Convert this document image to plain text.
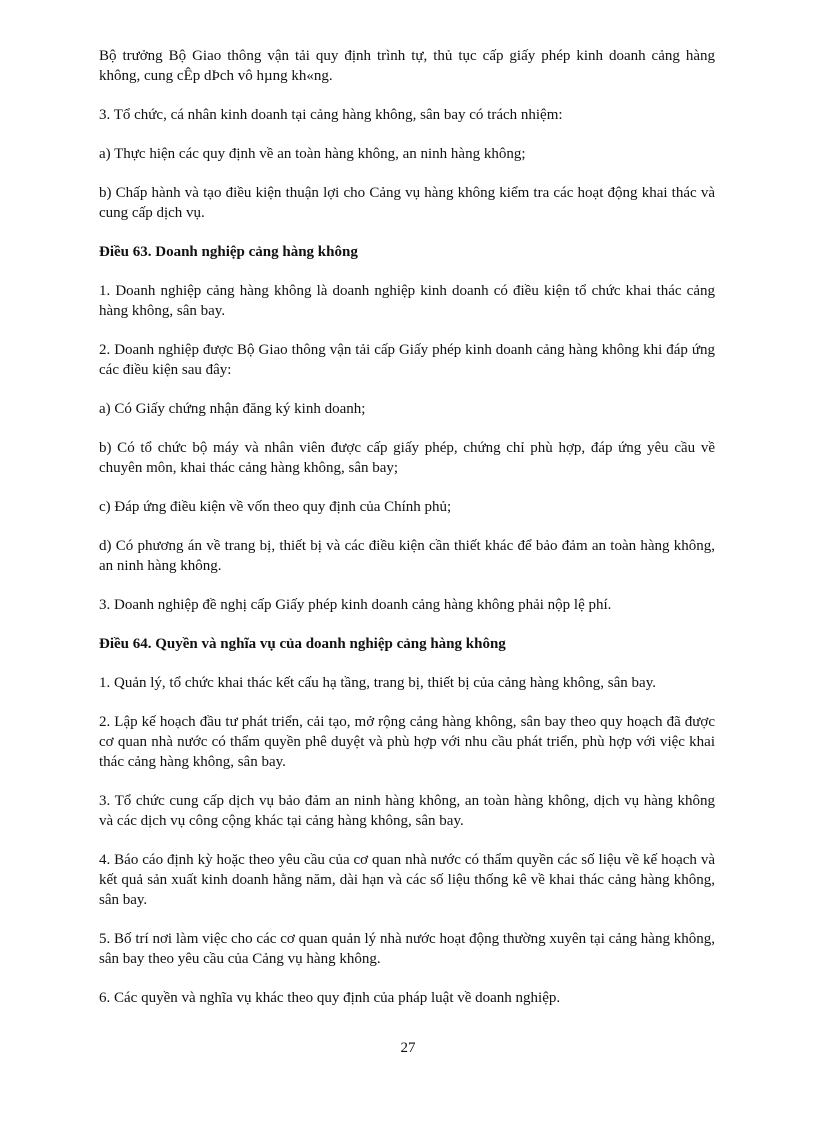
Bộ trưởng Bộ Giao thông vận tải quy định trình tự, thủ tục cấp giấy phép kinh doanh cảng hàng không, cung cÊp dÞch vô hµng kh«ng.

3. Tổ chức, cá nhân kinh doanh tại cảng hàng không, sân bay có trách nhiệm:

a) Thực hiện các quy định về an toàn hàng không, an ninh hàng không;

b) Chấp hành và tạo điều kiện thuận lợi cho Cảng vụ hàng không kiểm tra các hoạt động khai thác và cung cấp dịch vụ.

Điều 63. Doanh nghiệp cảng hàng không

1. Doanh nghiệp cảng hàng không là doanh nghiệp kinh doanh có điều kiện tổ chức khai thác cảng hàng không, sân bay.

2. Doanh nghiệp được Bộ Giao thông vận tải cấp Giấy phép kinh doanh cảng hàng không khi đáp ứng các điều kiện sau đây:

a) Có Giấy chứng nhận đăng ký kinh doanh;

b) Có tổ chức bộ máy và nhân viên được cấp giấy phép, chứng chỉ phù hợp, đáp ứng yêu cầu về chuyên môn, khai thác cảng hàng không, sân bay;

c) Đáp ứng điều kiện về vốn theo quy định của Chính phủ;

d) Có phương án về trang bị, thiết bị và các điều kiện cần thiết khác để bảo đảm an toàn hàng không, an ninh hàng không.

3. Doanh nghiệp đề nghị cấp Giấy phép kinh doanh cảng hàng không phải nộp lệ phí.

Điều 64. Quyền và nghĩa vụ của doanh nghiệp cảng hàng không

1. Quản lý, tổ chức khai thác kết cấu hạ tầng, trang bị, thiết bị của cảng hàng không, sân bay.

2. Lập kế hoạch đầu tư phát triển, cải tạo, mở rộng cảng hàng không, sân bay theo quy hoạch đã được cơ quan nhà nước có thẩm quyền phê duyệt và phù hợp với nhu cầu phát triển, phù hợp với việc khai thác cảng hàng không, sân bay.

3. Tổ chức cung cấp dịch vụ bảo đảm an ninh hàng không, an toàn hàng không, dịch vụ hàng không và các dịch vụ công cộng khác tại cảng hàng không, sân bay.

4. Báo cáo định kỳ hoặc theo yêu cầu của cơ quan nhà nước có thẩm quyền các số liệu về kế hoạch và kết quả sản xuất kinh doanh hằng năm, dài hạn và các số liệu thống kê về khai thác cảng hàng không, sân bay.

5. Bố trí nơi làm việc cho các cơ quan quản lý nhà nước hoạt động thường xuyên tại cảng hàng không, sân bay theo yêu cầu của Cảng vụ hàng không.

6. Các quyền và nghĩa vụ khác theo quy định của pháp luật về doanh nghiệp.

27
